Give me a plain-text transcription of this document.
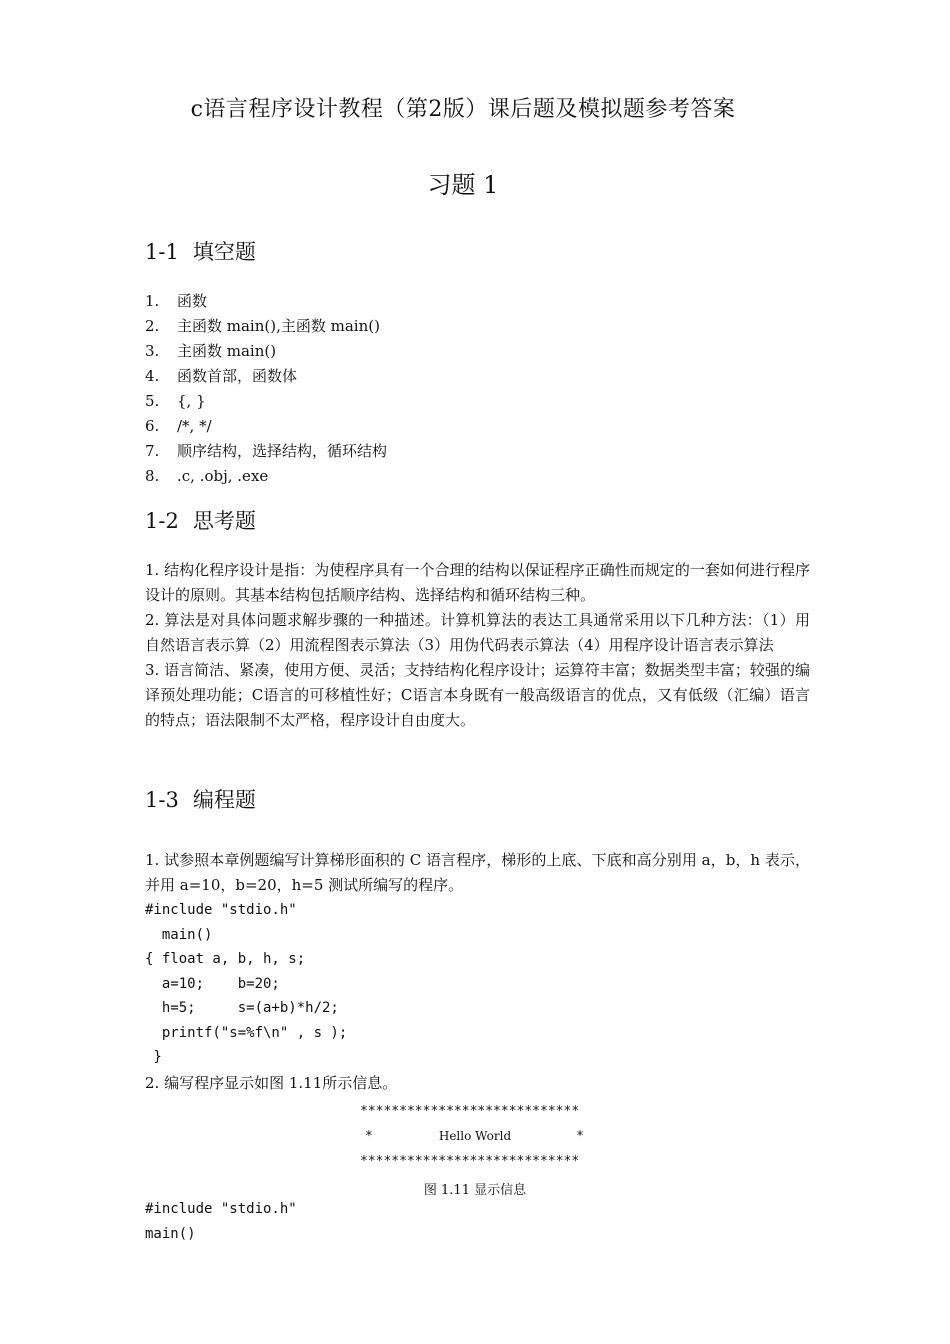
c语言程序设计教程（第2版）课后题及模拟题参考答案
习题 1
1-1 填空题
1. 函数
2. 主函数 main(),主函数 main()
3. 主函数 main()
4. 函数首部，函数体
5. {, }
6. /*, */
7. 顺序结构，选择结构，循环结构
8. .c, .obj, .exe
1-2 思考题

1. 结构化程序设计是指：为使程序具有一个合理的结构以保证程序正确性而规定的一套如何进行程序设计的原则。其基本结构包括顺序结构、选择结构和循环结构三种。

2. 算法是对具体问题求解步骤的一种描述。计算机算法的表达工具通常采用以下几种方法：（1）用自然语言表示算（2）用流程图表示算法（3）用伪代码表示算法（4）用程序设计语言表示算法

3. 语言简洁、紧凑，使用方便、灵活；支持结构化程序设计；运算符丰富；数据类型丰富；较强的编译预处理功能；C语言的可移植性好；C语言本身既有一般高级语言的优点，又有低级（汇编）语言的特点；语法限制不太严格，程序设计自由度大。

1-3 编程题

1. 试参照本章例题编写计算梯形面积的 C 语言程序，梯形的上底、下底和高分别用 a，b，h 表示，并用 a=10，b=20，h=5 测试所编写的程序。

#include "stdio.h"
main()
{ float a, b, h, s;
a=10;    b=20;
h=5;     s=(a+b)*h/2;
printf("s=%f\n" , s );
}

2. 编写程序显示如图 1.11所示信息。

****************************
*	Hello World	*
****************************
图 1.11 显示信息
#include "stdio.h"
main()
